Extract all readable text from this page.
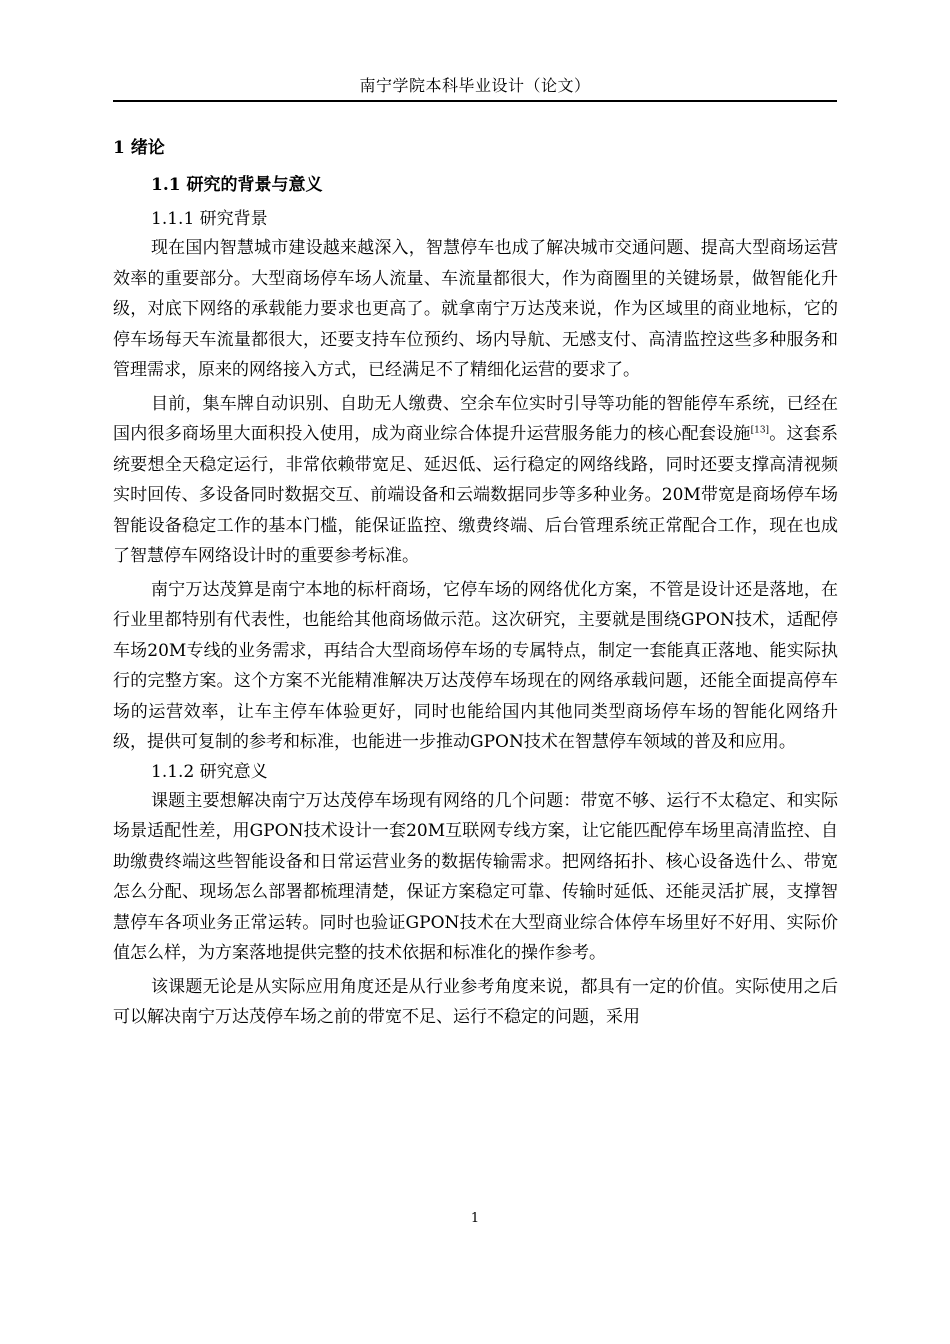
南宁学院本科毕业设计（论文）
1 绪论
1.1 研究的背景与意义
1.1.1 研究背景

现在国内智慧城市建设越来越深入，智慧停车也成了解决城市交通问题、提高大型商场运营效率的重要部分。大型商场停车场人流量、车流量都很大，作为商圈里的关键场景，做智能化升级，对底下网络的承载能力要求也更高了。就拿南宁万达茂来说，作为区域里的商业地标，它的停车场每天车流量都很大，还要支持车位预约、场内导航、无感支付、高清监控这些多种服务和管理需求，原来的网络接入方式，已经满足不了精细化运营的要求了。

目前，集车牌自动识别、自助无人缴费、空余车位实时引导等功能的智能停车系统，已经在国内很多商场里大面积投入使用，成为商业综合体提升运营服务能力的核心配套设施[13]。这套系统要想全天稳定运行，非常依赖带宽足、延迟低、运行稳定的网络线路，同时还要支撑高清视频实时回传、多设备同时数据交互、前端设备和云端数据同步等多种业务。20M带宽是商场停车场智能设备稳定工作的基本门槛，能保证监控、缴费终端、后台管理系统正常配合工作，现在也成了智慧停车网络设计时的重要参考标准。

南宁万达茂算是南宁本地的标杆商场，它停车场的网络优化方案，不管是设计还是落地，在行业里都特别有代表性，也能给其他商场做示范。这次研究，主要就是围绕GPON技术，适配停车场20M专线的业务需求，再结合大型商场停车场的专属特点，制定一套能真正落地、能实际执行的完整方案。这个方案不光能精准解决万达茂停车场现在的网络承载问题，还能全面提高停车场的运营效率，让车主停车体验更好，同时也能给国内其他同类型商场停车场的智能化网络升级，提供可复制的参考和标准，也能进一步推动GPON技术在智慧停车领域的普及和应用。

1.1.2 研究意义

课题主要想解决南宁万达茂停车场现有网络的几个问题：带宽不够、运行不太稳定、和实际场景适配性差，用GPON技术设计一套20M互联网专线方案，让它能匹配停车场里高清监控、自助缴费终端这些智能设备和日常运营业务的数据传输需求。把网络拓扑、核心设备选什么、带宽怎么分配、现场怎么部署都梳理清楚，保证方案稳定可靠、传输时延低、还能灵活扩展，支撑智慧停车各项业务正常运转。同时也验证GPON技术在大型商业综合体停车场里好不好用、实际价值怎么样，为方案落地提供完整的技术依据和标准化的操作参考。

该课题无论是从实际应用角度还是从行业参考角度来说，都具有一定的价值。实际使用之后可以解决南宁万达茂停车场之前的带宽不足、运行不稳定的问题，采用

1
